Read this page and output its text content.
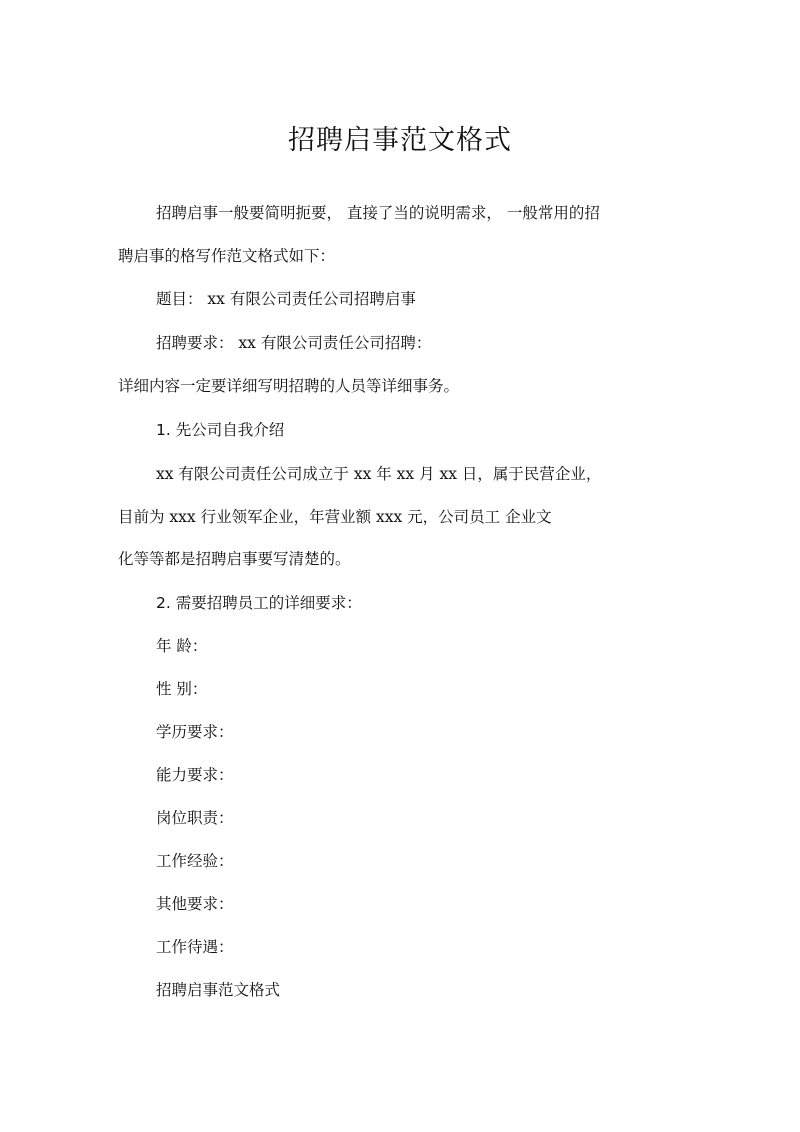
招聘启事范文格式
招聘启事一般要简明扼要， 直接了当的说明需求， 一般常用的招
聘启事的格写作范文格式如下：
题目： xx 有限公司责任公司招聘启事
招聘要求： xx 有限公司责任公司招聘：
详细内容一定要详细写明招聘的人员等详细事务。
1. 先公司自我介绍
xx 有限公司责任公司成立于 xx 年 xx 月 xx 日，属于民营企业，
目前为 xxx 行业领军企业，年营业额 xxx 元，公司员工 企业文
化等等都是招聘启事要写清楚的。
2. 需要招聘员工的详细要求：
年 龄：
性 别：
学历要求：
能力要求：
岗位职责：
工作经验：
其他要求：
工作待遇：
招聘启事范文格式
